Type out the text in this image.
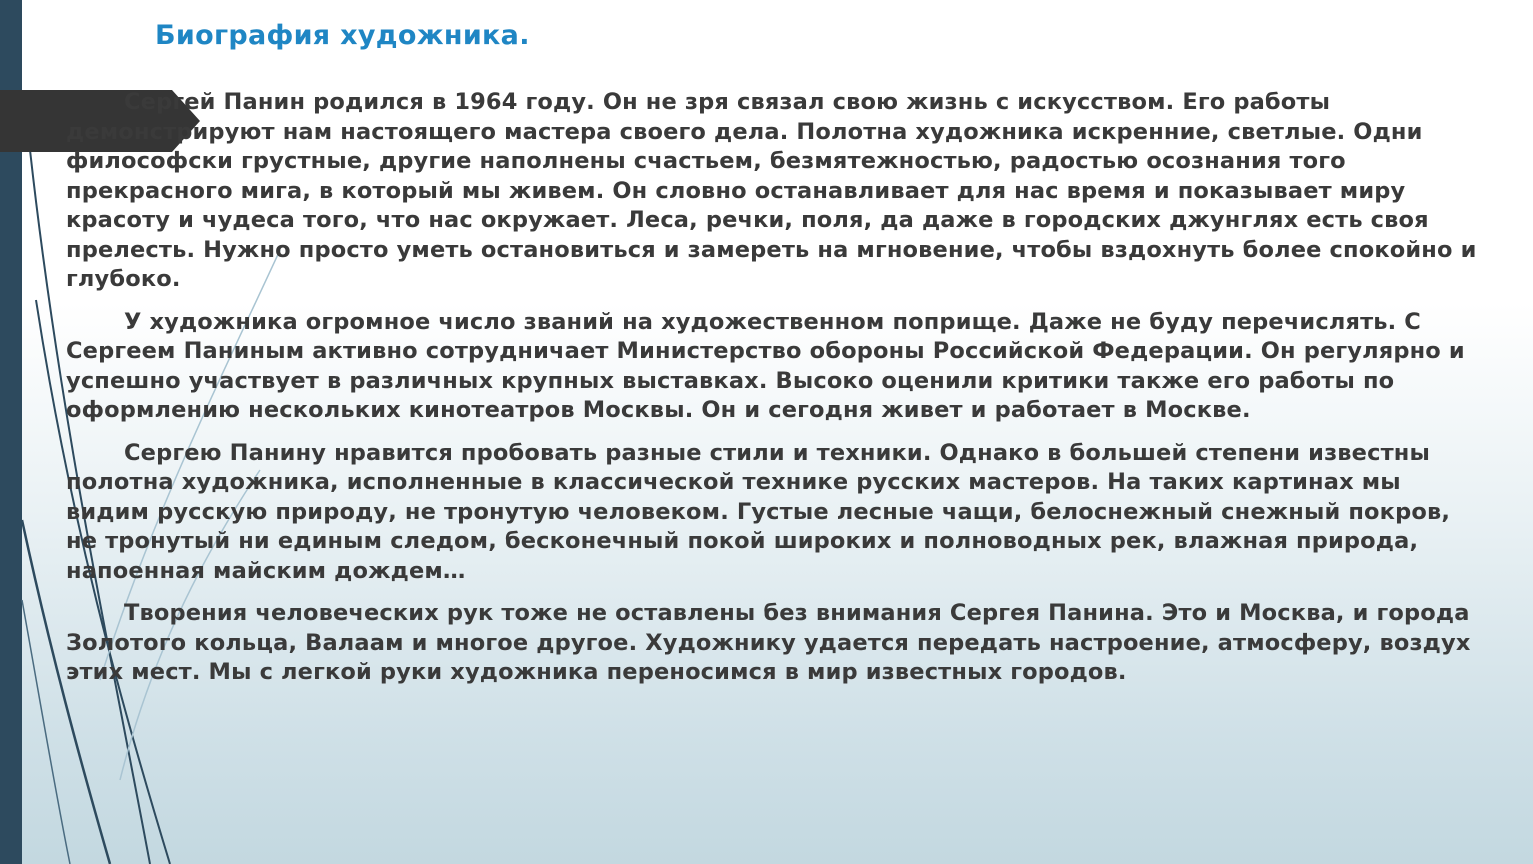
Биография художника.

Сергей Панин родился в 1964 году. Он не зря связал свою жизнь с искусством. Его работы демонстрируют нам настоящего мастера своего дела. Полотна художника искренние, светлые. Одни философски грустные, другие наполнены счастьем, безмятежностью, радостью осознания того прекрасного мига, в который мы живем. Он словно останавливает для нас время и показывает миру красоту и чудеса того, что нас окружает. Леса, речки, поля, да даже в городских джунглях есть своя прелесть. Нужно просто уметь остановиться и замереть на мгновение, чтобы вздохнуть более спокойно и глубоко.

У художника огромное число званий на художественном поприще. Даже не буду перечислять. С Сергеем Паниным активно сотрудничает Министерство обороны Российской Федерации. Он регулярно и успешно участвует в различных крупных выставках. Высоко оценили критики также его работы по оформлению нескольких кинотеатров Москвы. Он и сегодня живет и работает в Москве.

Сергею Панину нравится пробовать разные стили и техники. Однако в большей степени известны полотна художника, исполненные в классической технике русских мастеров. На таких картинах мы видим русскую природу, не тронутую человеком. Густые лесные чащи, белоснежный снежный покров, не тронутый ни единым следом, бесконечный покой широких и полноводных рек, влажная природа, напоенная майским дождем…

Творения человеческих рук тоже не оставлены без внимания Сергея Панина. Это и Москва, и города Золотого кольца, Валаам и многое другое. Художнику удается передать настроение, атмосферу, воздух этих мест. Мы с легкой руки художника переносимся в мир известных городов.
